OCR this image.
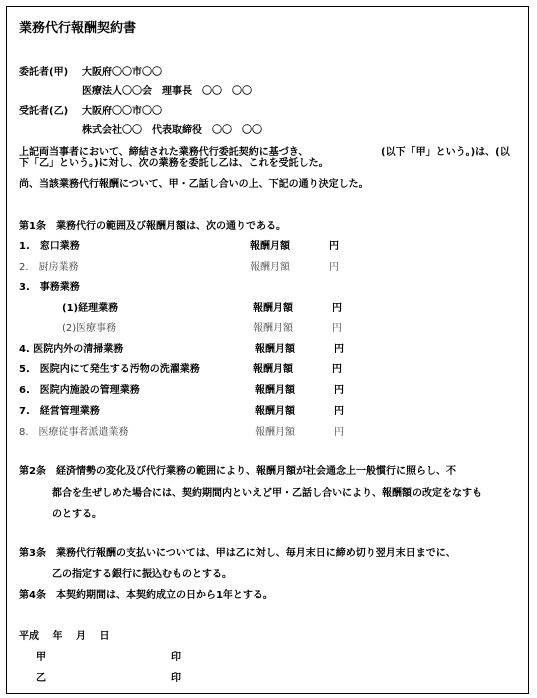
業務代行報酬契約書
委託者(甲) 大阪府〇〇市〇〇
医療法人〇〇会　理事長　〇〇　〇〇
受託者(乙) 大阪府〇〇市〇〇
株式会社〇〇　代表取締役　〇〇　〇〇
上記両当事者において、締結された業務代行委託契約に基づき、	(以下「甲」という。)は、(以
下「乙」という。)に対し、次の業務を委託し乙は、これを受託した。
尚、当該業務代行報酬について、甲・乙話し合いの上、下記の通り決定した。
第1条　業務代行の範囲及び報酬月額は、次の通りである。
1.　窓口業務	報酬月額	円
2.　厨房業務	報酬月額	円
3.　事務業務
(1)経理業務	報酬月額	円
(2)医療事務	報酬月額	円
4. 医院内外の清掃業務	報酬月額	円
5.　医院内にて発生する汚物の洗濯業務	報酬月額	円
6.　医院内施設の管理業務	報酬月額	円
7.　経営管理業務	報酬月額	円
8.　医療従事者派遣業務	報酬月額	円
第2条　経済情勢の変化及び代行業務の範囲により、報酬月額が社会通念上一般慣行に照らし、不
都合を生ぜしめた場合には、契約期間内といえど甲・乙話し合いにより、報酬額の改定をなすも
のとする。
第3条　業務代行報酬の支払いについては、甲は乙に対し、毎月末日に締め切り翌月末日までに、
乙の指定する銀行に振込むものとする。
第4条　本契約期間は、本契約成立の日から1年とする。
平成　 年　 月　 日
甲	印
乙	印
